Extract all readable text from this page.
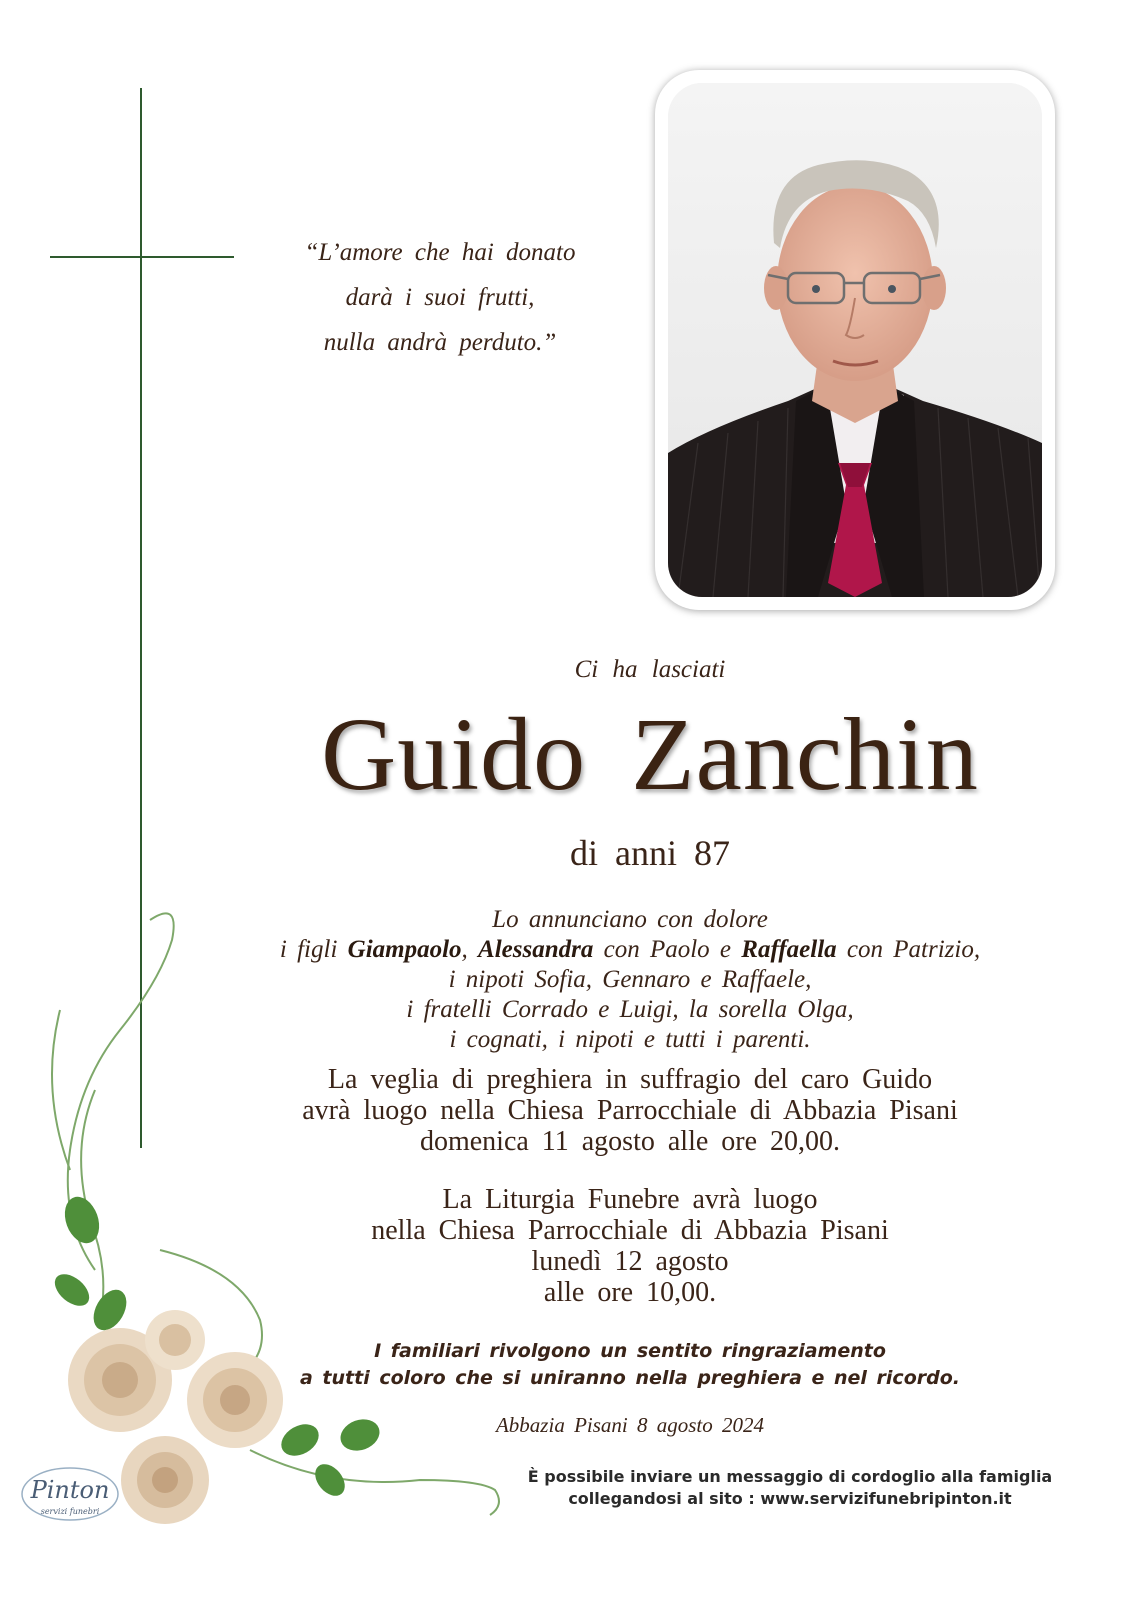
“L’amore che hai donato
darà i suoi frutti,
nulla andrà perduto.”
Ci ha lasciati
Guido Zanchin
di anni 87
Lo annunciano con dolore
i figli Giampaolo, Alessandra con Paolo e Raffaella con Patrizio,
i nipoti Sofia, Gennaro e Raffaele,
i fratelli Corrado e Luigi, la sorella Olga,
i cognati, i nipoti e tutti i parenti.
La veglia di preghiera in suffragio del caro Guido
avrà luogo nella Chiesa Parrocchiale di Abbazia Pisani
domenica 11 agosto alle ore 20,00.
La Liturgia Funebre avrà luogo
nella Chiesa Parrocchiale di Abbazia Pisani
lunedì 12 agosto
alle ore 10,00.
I familiari rivolgono un sentito ringraziamento
a tutti coloro che si uniranno nella preghiera e nel ricordo.
Abbazia Pisani 8 agosto 2024
Pinton
servizi funebri
È possibile inviare un messaggio di cordoglio alla famiglia
collegandosi al sito : www.servizifunebripinton.it
